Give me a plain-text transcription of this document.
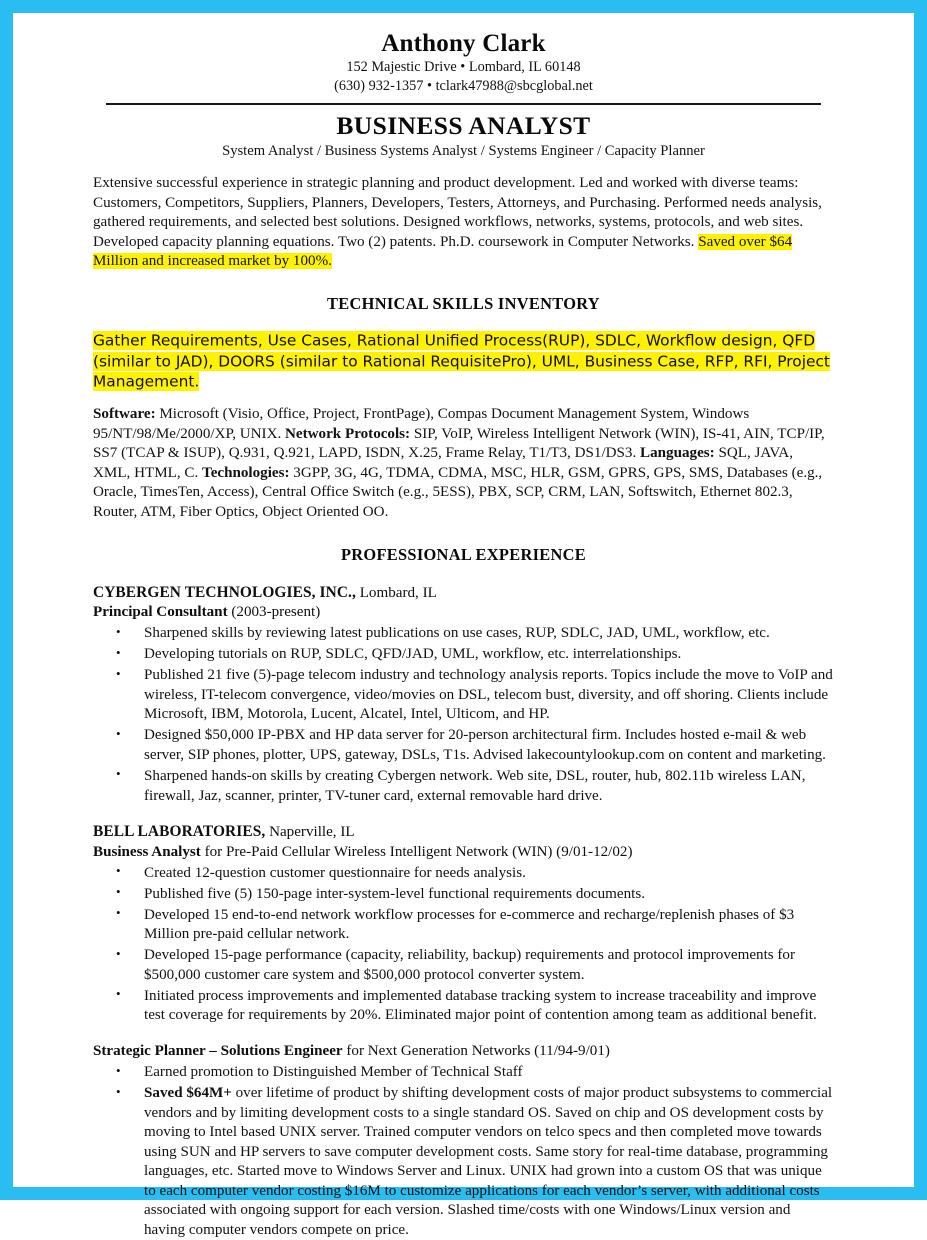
Anthony Clark
152 Majestic Drive • Lombard, IL 60148
(630) 932-1357 • tclark47988@sbcglobal.net
BUSINESS ANALYST
System Analyst / Business Systems Analyst / Systems Engineer / Capacity Planner
Extensive successful experience in strategic planning and product development. Led and worked with diverse teams: Customers, Competitors, Suppliers, Planners, Developers, Testers, Attorneys, and Purchasing. Performed needs analysis, gathered requirements, and selected best solutions. Designed workflows, networks, systems, protocols, and web sites. Developed capacity planning equations. Two (2) patents. Ph.D. coursework in Computer Networks. Saved over $64 Million and increased market by 100%.
TECHNICAL SKILLS INVENTORY
Gather Requirements, Use Cases, Rational Unified Process(RUP), SDLC, Workflow design, QFD (similar to JAD), DOORS (similar to Rational RequisitePro), UML, Business Case, RFP, RFI, Project Management.
Software: Microsoft (Visio, Office, Project, FrontPage), Compas Document Management System, Windows 95/NT/98/Me/2000/XP, UNIX. Network Protocols: SIP, VoIP, Wireless Intelligent Network (WIN), IS-41, AIN, TCP/IP, SS7 (TCAP & ISUP), Q.931, Q.921, LAPD, ISDN, X.25, Frame Relay, T1/T3, DS1/DS3. Languages: SQL, JAVA, XML, HTML, C. Technologies: 3GPP, 3G, 4G, TDMA, CDMA, MSC, HLR, GSM, GPRS, GPS, SMS, Databases (e.g., Oracle, TimesTen, Access), Central Office Switch (e.g., 5ESS), PBX, SCP, CRM, LAN, Softswitch, Ethernet 802.3, Router, ATM, Fiber Optics, Object Oriented OO.
PROFESSIONAL EXPERIENCE
CYBERGEN TECHNOLOGIES, INC., Lombard, IL
Principal Consultant (2003-present)
• Sharpened skills by reviewing latest publications on use cases, RUP, SDLC, JAD, UML, workflow, etc.
• Developing tutorials on RUP, SDLC, QFD/JAD, UML, workflow, etc. interrelationships.
• Published 21 five (5)-page telecom industry and technology analysis reports. Topics include the move to VoIP and wireless, IT-telecom convergence, video/movies on DSL, telecom bust, diversity, and off shoring. Clients include Microsoft, IBM, Motorola, Lucent, Alcatel, Intel, Ulticom, and HP.
• Designed $50,000 IP-PBX and HP data server for 20-person architectural firm. Includes hosted e-mail & web server, SIP phones, plotter, UPS, gateway, DSLs, T1s. Advised lakecountylookup.com on content and marketing.
• Sharpened hands-on skills by creating Cybergen network. Web site, DSL, router, hub, 802.11b wireless LAN, firewall, Jaz, scanner, printer, TV-tuner card, external removable hard drive.
BELL LABORATORIES, Naperville, IL
Business Analyst for Pre-Paid Cellular Wireless Intelligent Network (WIN) (9/01-12/02)
• Created 12-question customer questionnaire for needs analysis.
• Published five (5) 150-page inter-system-level functional requirements documents.
• Developed 15 end-to-end network workflow processes for e-commerce and recharge/replenish phases of $3 Million pre-paid cellular network.
• Developed 15-page performance (capacity, reliability, backup) requirements and protocol improvements for $500,000 customer care system and $500,000 protocol converter system.
• Initiated process improvements and implemented database tracking system to increase traceability and improve test coverage for requirements by 20%. Eliminated major point of contention among team as additional benefit.
Strategic Planner – Solutions Engineer for Next Generation Networks (11/94-9/01)
• Earned promotion to Distinguished Member of Technical Staff
• Saved $64M+ over lifetime of product by shifting development costs of major product subsystems to commercial vendors and by limiting development costs to a single standard OS. Saved on chip and OS development costs by moving to Intel based UNIX server. Trained computer vendors on telco specs and then completed move towards using SUN and HP servers to save computer development costs. Same story for real-time database, programming languages, etc. Started move to Windows Server and Linux. UNIX had grown into a custom OS that was unique to each computer vendor costing $16M to customize applications for each vendor’s server, with additional costs associated with ongoing support for each version. Slashed time/costs with one Windows/Linux version and having computer vendors compete on price.
